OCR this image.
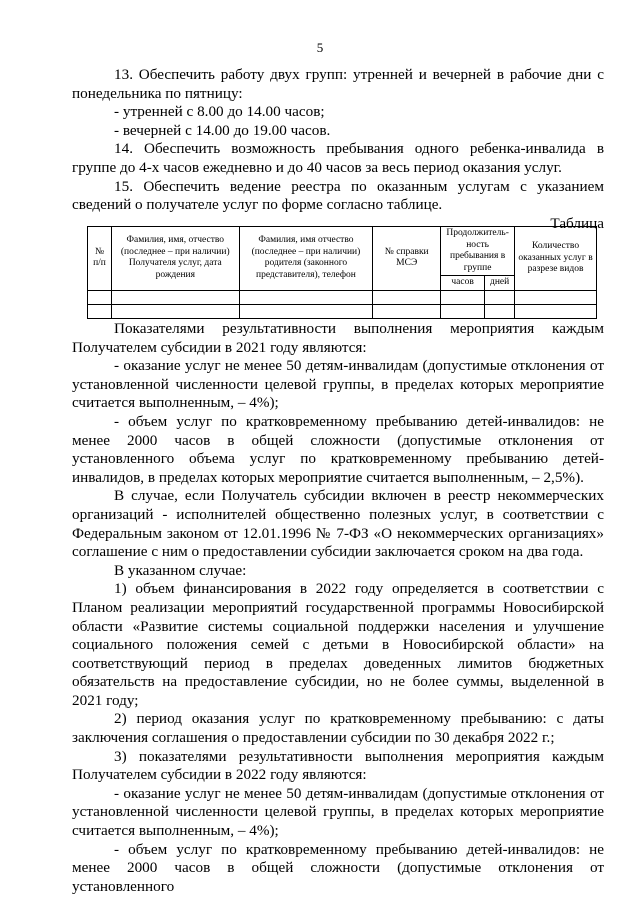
5

13. Обеспечить работу двух групп: утренней и вечерней в рабочие дни с понедельника по пятницу:

- утренней с 8.00 до 14.00 часов;

- вечерней с 14.00 до 19.00 часов.

14. Обеспечить возможность пребывания одного ребенка-инвалида в группе до 4-х часов ежедневно и до 40 часов за весь период оказания услуг.

15. Обеспечить ведение реестра по оказанным услугам с указанием сведений о получателе услуг по форме согласно таблице.

Таблица

№ п/п	Фамилия, имя, отчество (последнее – при наличии) Получателя услуг, дата рождения	Фамилия, имя отчество (последнее – при наличии) родителя (законного представителя), телефон	№ справки МСЭ	Продолжитель-ность пребывания в группе		Количество оказанных услуг в разрезе видов
				часов	дней	

Показателями результативности выполнения мероприятия каждым Получателем субсидии в 2021 году являются:

- оказание услуг не менее 50 детям-инвалидам (допустимые отклонения от установленной численности целевой группы, в пределах которых мероприятие считается выполненным, – 4%);

- объем услуг по кратковременному пребыванию детей-инвалидов: не менее 2000 часов в общей сложности (допустимые отклонения от установленного объема услуг по кратковременному пребыванию детей-инвалидов, в пределах которых мероприятие считается выполненным, – 2,5%).

В случае, если Получатель субсидии включен в реестр некоммерческих организаций - исполнителей общественно полезных услуг, в соответствии с Федеральным законом от 12.01.1996 № 7-ФЗ «О некоммерческих организациях» соглашение с ним о предоставлении субсидии заключается сроком на два года.

В указанном случае:

1) объем финансирования в 2022 году определяется в соответствии с Планом реализации мероприятий государственной программы Новосибирской области «Развитие системы социальной поддержки населения и улучшение социального положения семей с детьми в Новосибирской области» на соответствующий период в пределах доведенных лимитов бюджетных обязательств на предоставление субсидии, но не более суммы, выделенной в 2021 году;

2) период оказания услуг по кратковременному пребыванию: с даты заключения соглашения о предоставлении субсидии по 30 декабря 2022 г.;

3) показателями результативности выполнения мероприятия каждым Получателем субсидии в 2022 году являются:

- оказание услуг не менее 50 детям-инвалидам (допустимые отклонения от установленной численности целевой группы, в пределах которых мероприятие считается выполненным, – 4%);

- объем услуг по кратковременному пребыванию детей-инвалидов: не менее 2000 часов в общей сложности (допустимые отклонения от установленного
